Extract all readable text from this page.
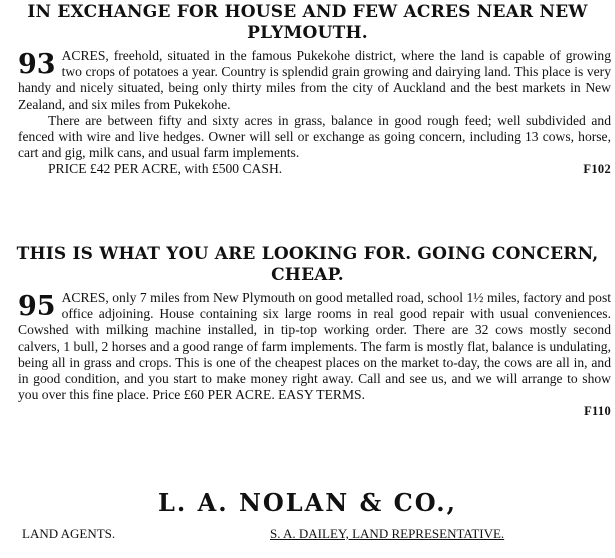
IN EXCHANGE FOR HOUSE AND FEW ACRES NEAR NEW
PLYMOUTH.
93 ACRES, freehold, situated in the famous Pukekohe district, where the land is capable of growing two crops of potatoes a year. Country is splendid grain growing and dairying land. This place is very handy and nicely situated, being only thirty miles from the city of Auckland and the best markets in New Zealand, and six miles from Pukekohe.
There are between fifty and sixty acres in grass, balance in good rough feed; well subdivided and fenced with wire and live hedges. Owner will sell or exchange as going concern, including 13 cows, horse, cart and gig, milk cans, and usual farm implements.
PRICE £42 PER ACRE, with £500 CASH.	F102
THIS IS WHAT YOU ARE LOOKING FOR. GOING CONCERN,
CHEAP.
95 ACRES, only 7 miles from New Plymouth on good metalled road, school 1½ miles, factory and post office adjoining. House containing six large rooms in real good repair with usual conveniences. Cowshed with milking machine installed, in tip-top working order. There are 32 cows mostly second calvers, 1 bull, 2 horses and a good range of farm implements. The farm is mostly flat, balance is undulating, being all in grass and crops. This is one of the cheapest places on the market to-day, the cows are all in, and in good condition, and you start to make money right away. Call and see us, and we will arrange to show you over this fine place. Price £60 PER ACRE. EASY TERMS.
F110
L. A. NOLAN & CO.,
LAND AGENTS.	S. A. DAILEY, LAND REPRESENTATIVE.
